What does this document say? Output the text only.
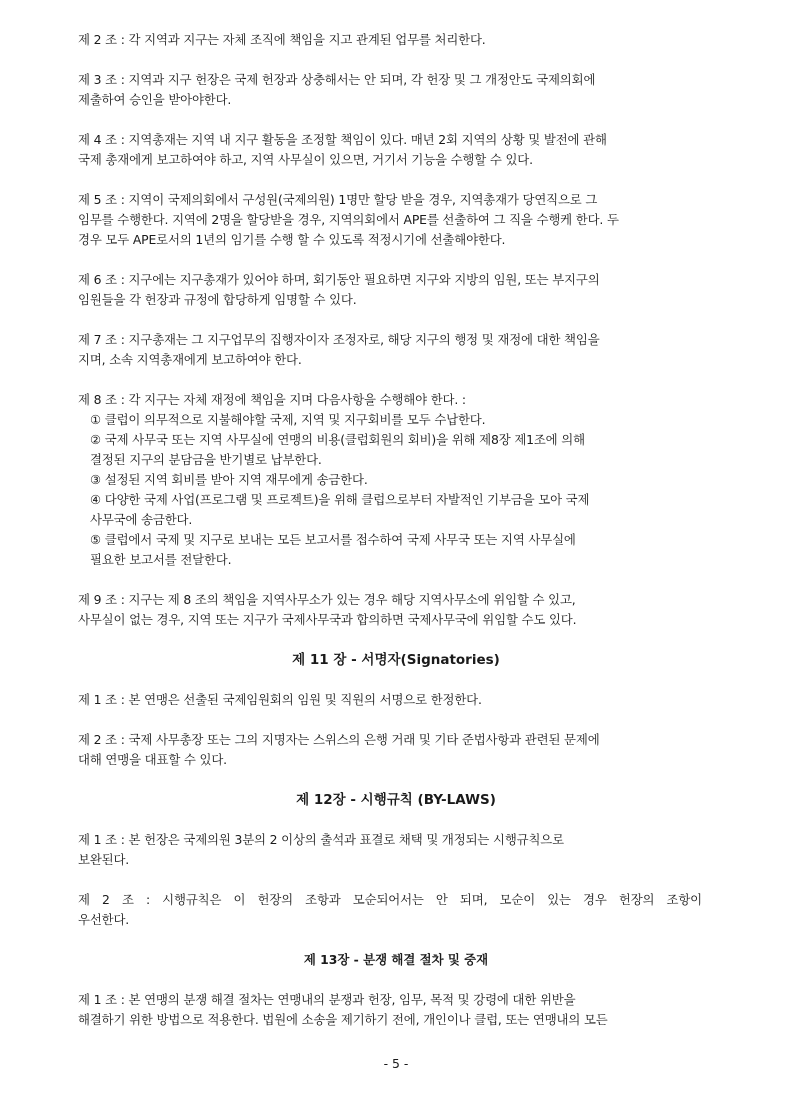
제 2 조 : 각 지역과 지구는 자체 조직에 책임을 지고 관계된 업무를 처리한다.
제 3 조 : 지역과 지구 헌장은 국제 헌장과 상충해서는 안 되며, 각 헌장 및 그 개정안도 국제의회에
제출하여 승인을 받아야한다.
제 4 조 : 지역총재는 지역 내 지구 활동을 조정할 책임이 있다. 매년 2회 지역의 상황 및 발전에 관해
국제 총재에게 보고하여야 하고, 지역 사무실이 있으면, 거기서 기능을 수행할 수 있다.
제 5 조 : 지역이 국제의회에서 구성원(국제의원) 1명만 할당 받을 경우, 지역총재가 당연직으로 그
임무를 수행한다. 지역에 2명을 할당받을 경우, 지역의회에서 APE를 선출하여 그 직을 수행케 한다. 두
경우 모두 APE로서의 1년의 임기를 수행 할 수 있도록 적정시기에 선출해야한다.
제 6 조 : 지구에는 지구총재가 있어야 하며, 회기동안 필요하면 지구와 지방의 임원, 또는 부지구의
임원들을 각 헌장과 규정에 합당하게 임명할 수 있다.
제 7 조 : 지구총재는 그 지구업무의 집행자이자 조정자로, 해당 지구의 행정 및 재정에 대한 책임을
지며, 소속 지역총재에게 보고하여야 한다.
제 8 조 : 각 지구는 자체 재정에 책임을 지며 다음사항을 수행해야 한다. :
① 클럽이 의무적으로 지불해야할 국제, 지역 및 지구회비를 모두 수납한다.
② 국제 사무국 또는 지역 사무실에 연맹의 비용(클럽회원의 회비)을 위해 제8장 제1조에 의해
결정된 지구의 분담금을 반기별로 납부한다.
③ 설정된 지역 회비를 받아 지역 재무에게 송금한다.
④ 다양한 국제 사업(프로그램 및 프로젝트)을 위해 클럽으로부터 자발적인 기부금을 모아 국제
사무국에 송금한다.
⑤ 클럽에서 국제 및 지구로 보내는 모든 보고서를 접수하여 국제 사무국 또는 지역 사무실에
필요한 보고서를 전달한다.
제 9 조 : 지구는 제 8 조의 책임을 지역사무소가 있는 경우 해당 지역사무소에 위임할 수 있고,
사무실이 없는 경우, 지역 또는 지구가 국제사무국과 합의하면 국제사무국에 위임할 수도 있다.
제 11 장 - 서명자(Signatories)
제 1 조 : 본 연맹은 선출된 국제임원회의 임원 및 직원의 서명으로 한정한다.
제 2 조 : 국제 사무총장 또는 그의 지명자는 스위스의 은행 거래 및 기타 준법사항과 관련된 문제에
대해 연맹을 대표할 수 있다.
제 12장 - 시행규칙 (BY-LAWS)
제 1 조 : 본 헌장은 국제의원 3분의 2 이상의 출석과 표결로 채택 및 개정되는 시행규칙으로
보완된다.
제 2 조 : 시행규칙은 이 헌장의 조항과 모순되어서는 안 되며, 모순이 있는 경우 헌장의 조항이
우선한다.
제 13장 - 분쟁 해결 절차 및 중재
제 1 조 : 본 연맹의 분쟁 해결 절차는 연맹내의 분쟁과 헌장, 임무, 목적 및 강령에 대한 위반을
해결하기 위한 방법으로 적용한다. 법원에 소송을 제기하기 전에, 개인이나 클럽, 또는 연맹내의 모든
- 5 -
